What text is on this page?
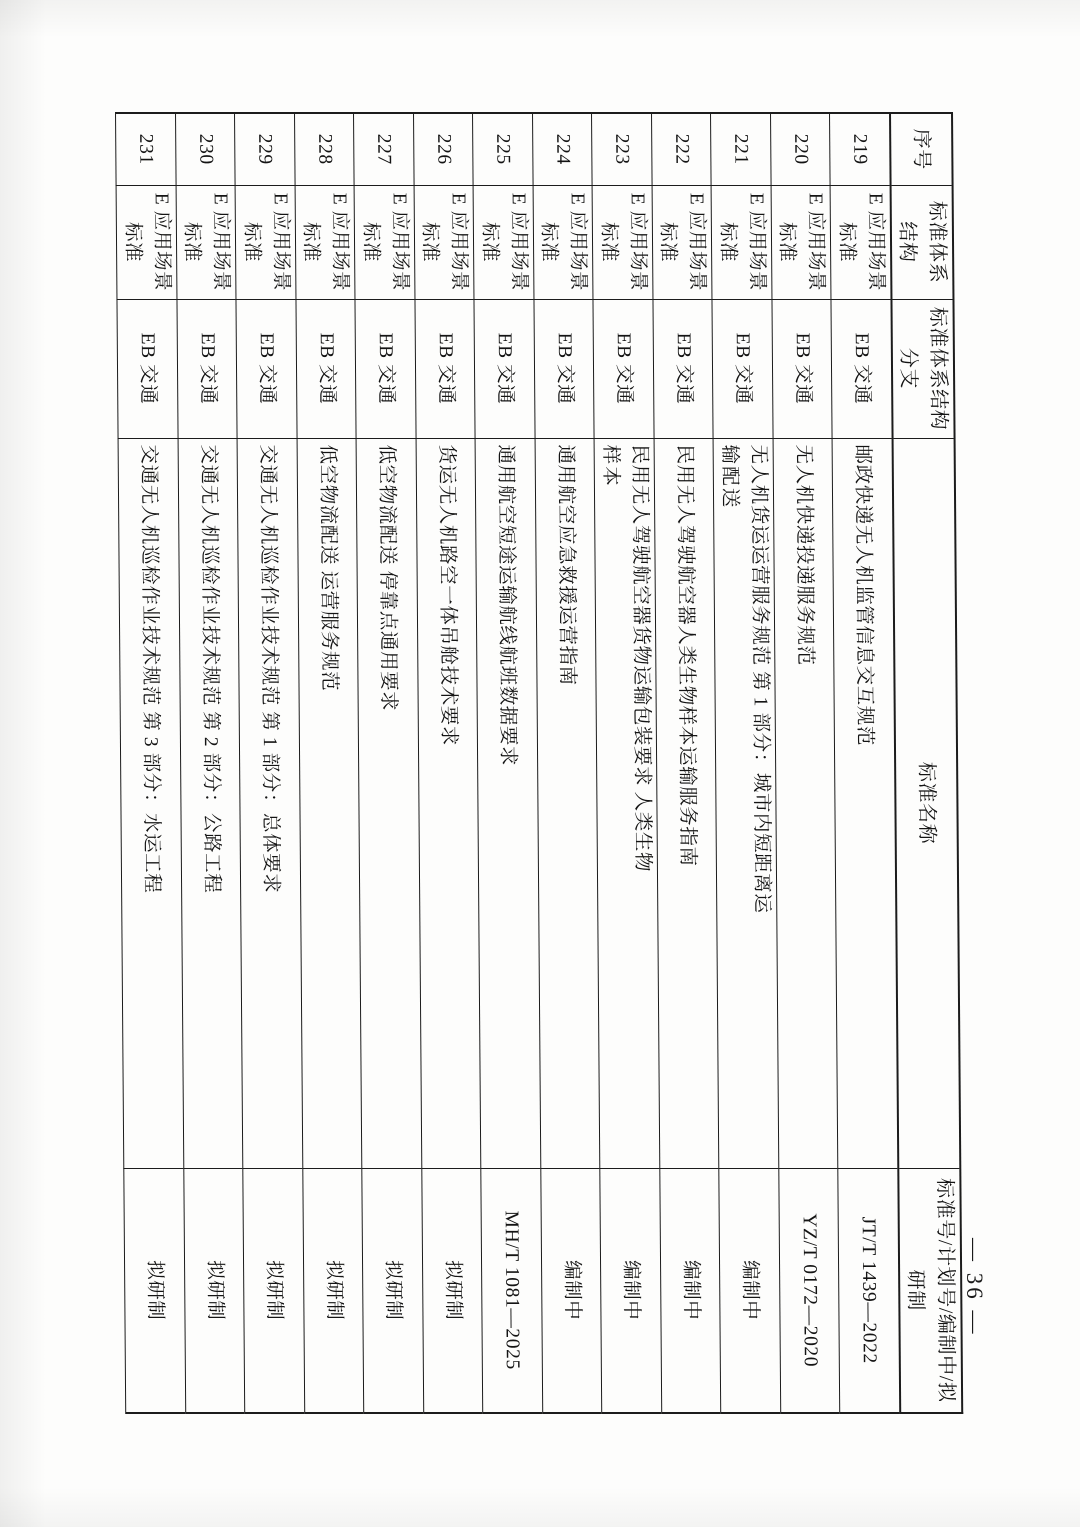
序号	标准体系结构	标准体系结构分支	标准名称	标准号/计划号/编制中/拟研制
219	E 应用场景标准	EB 交通	邮政快递无人机监管信息交互规范	JT/T 1439—2022
220	E 应用场景标准	EB 交通	无人机快递投递服务规范	YZ/T 0172—2020
221	E 应用场景标准	EB 交通	无人机货运运营服务规范 第 1 部分：城市内短距离运
输配送	编制中
222	E 应用场景标准	EB 交通	民用无人驾驶航空器人类生物样本运输服务指南	编制中
223	E 应用场景标准	EB 交通	民用无人驾驶航空器货物运输包装要求 人类生物
样本	编制中
224	E 应用场景标准	EB 交通	通用航空应急救援运营指南	编制中
225	E 应用场景标准	EB 交通	通用航空短途运输航线航班数据要求	MH/T 1081—2025
226	E 应用场景标准	EB 交通	货运无人机路空一体吊舱技术要求	拟研制
227	E 应用场景标准	EB 交通	低空物流配送 停靠点通用要求	拟研制
228	E 应用场景标准	EB 交通	低空物流配送 运营服务规范	拟研制
229	E 应用场景标准	EB 交通	交通无人机巡检作业技术规范 第 1 部分：总体要求	拟研制
230	E 应用场景标准	EB 交通	交通无人机巡检作业技术规范 第 2 部分：公路工程	拟研制
231	E 应用场景标准	EB 交通	交通无人机巡检作业技术规范 第 3 部分：水运工程	拟研制	— 36 —
